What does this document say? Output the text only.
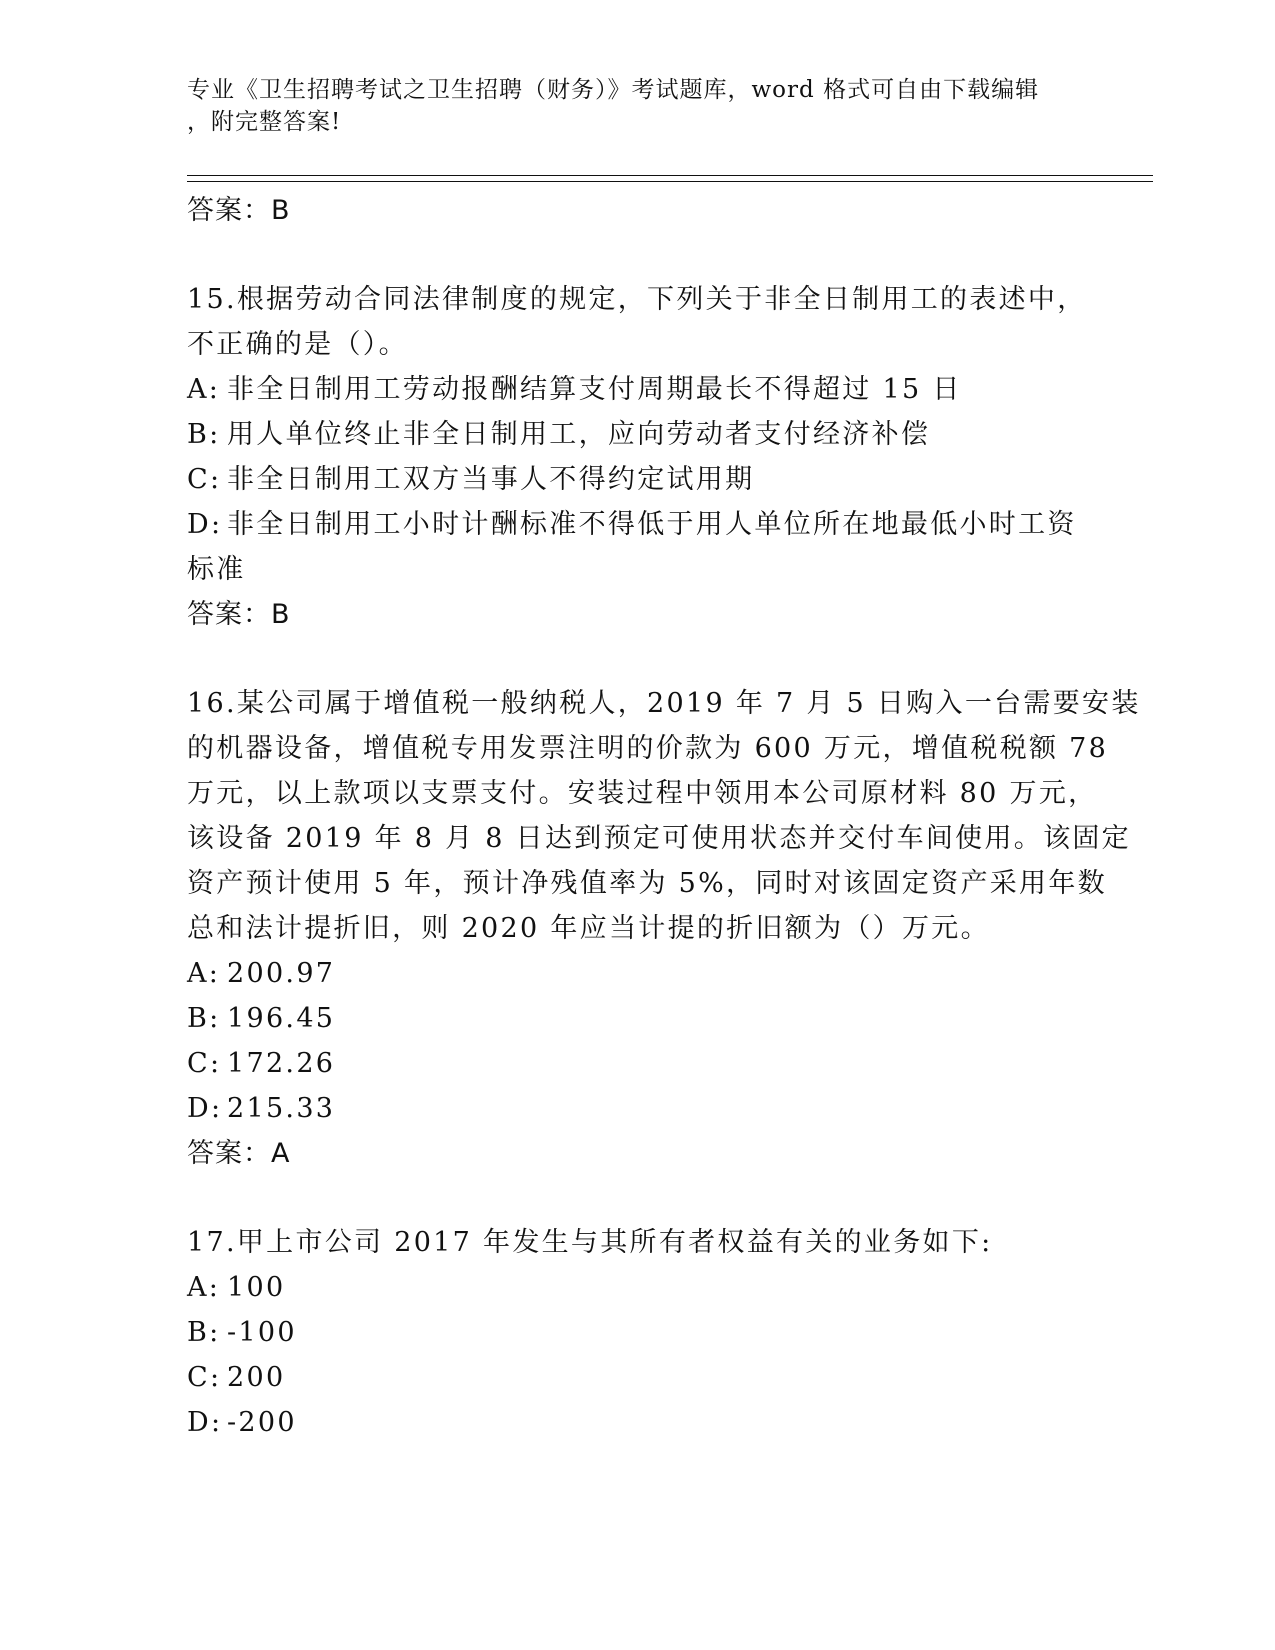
专业《卫生招聘考试之卫生招聘（财务）》考试题库，word 格式可自由下载编辑
，附完整答案!
答案：B
15.根据劳动合同法律制度的规定，下列关于非全日制用工的表述中，
不正确的是（）。
A: 非全日制用工劳动报酬结算支付周期最长不得超过 15 日
B: 用人单位终止非全日制用工，应向劳动者支付经济补偿
C: 非全日制用工双方当事人不得约定试用期
D: 非全日制用工小时计酬标准不得低于用人单位所在地最低小时工资
标准
答案：B
16.某公司属于增值税一般纳税人，2019 年 7 月 5 日购入一台需要安装
的机器设备，增值税专用发票注明的价款为 600 万元，增值税税额 78
万元，以上款项以支票支付。安装过程中领用本公司原材料 80 万元，
该设备 2019 年 8 月 8 日达到预定可使用状态并交付车间使用。该固定
资产预计使用 5 年，预计净残值率为 5%，同时对该固定资产采用年数
总和法计提折旧，则 2020 年应当计提的折旧额为（）万元。
A: 200.97
B: 196.45
C: 172.26
D: 215.33
答案：A
17.甲上市公司 2017 年发生与其所有者权益有关的业务如下:
A: 100
B: -100
C: 200
D: -200
